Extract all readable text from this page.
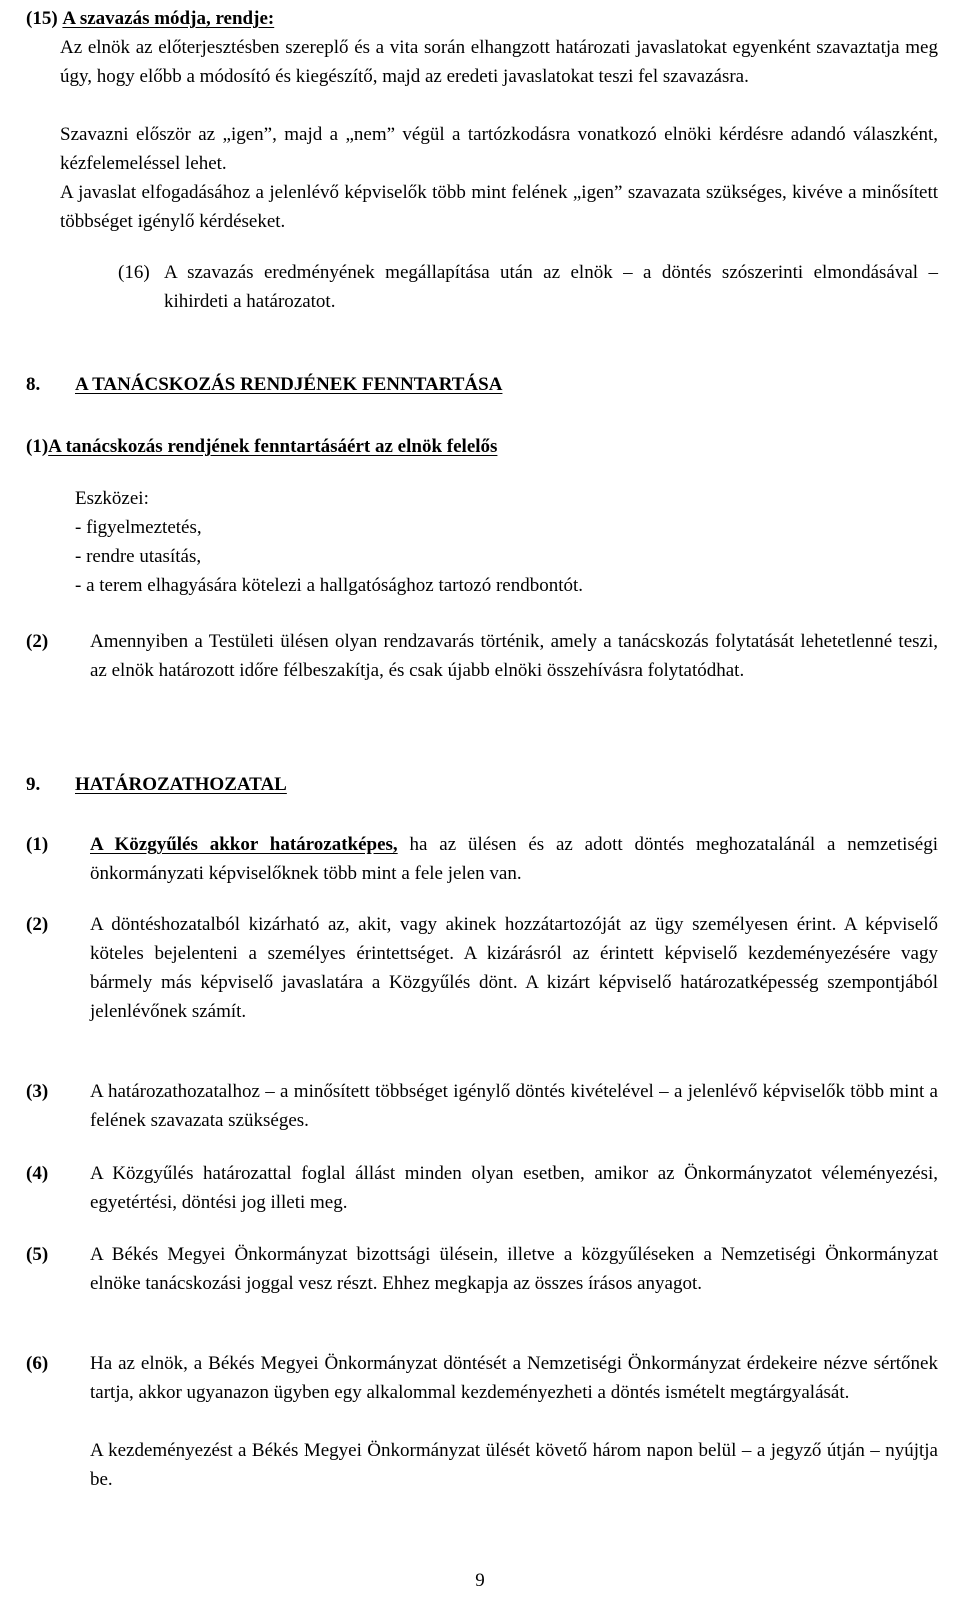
(15) A szavazás módja, rendje:

Az elnök az előterjesztésben szereplő és a vita során elhangzott határozati javaslatokat egyenként szavaztatja meg úgy, hogy előbb a módosító és kiegészítő, majd az eredeti javaslatokat teszi fel szavazásra.

Szavazni először az „igen”, majd a „nem” végül a tartózkodásra vonatkozó elnöki kérdésre adandó válaszként, kézfelemeléssel lehet.

A javaslat elfogadásához a jelenlévő képviselők több mint felének „igen” szavazata szükséges, kivéve a minősített többséget igénylő kérdéseket.

(16) A szavazás eredményének megállapítása után az elnök – a döntés szószerinti elmondásával – kihirdeti a határozatot.

8. A TANÁCSKOZÁS RENDJÉNEK FENNTARTÁSA
(1)A tanácskozás rendjének fenntartásáért az elnök felelős
Eszközei:
- figyelmeztetés,
- rendre utasítás,
- a terem elhagyására kötelezi a hallgatósághoz tartozó rendbontót.
(2) Amennyiben a Testületi ülésen olyan rendzavarás történik, amely a tanácskozás folytatását lehetetlenné teszi, az elnök határozott időre félbeszakítja, és csak újabb elnöki összehívásra folytatódhat.

9. HATÁROZATHOZATAL
(1) A Közgyűlés akkor határozatképes, ha az ülésen és az adott döntés meghozatalánál a nemzetiségi önkormányzati képviselőknek több mint a fele jelen van.

(2) A döntéshozatalból kizárható az, akit, vagy akinek hozzátartozóját az ügy személyesen érint. A képviselő köteles bejelenteni a személyes érintettséget. A kizárásról az érintett képviselő kezdeményezésére vagy bármely más képviselő javaslatára a Közgyűlés dönt. A kizárt képviselő határozatképesség szempontjából jelenlévőnek számít.

(3) A határozathozatalhoz – a minősített többséget igénylő döntés kivételével – a jelenlévő képviselők több mint a felének szavazata szükséges.

(4) A Közgyűlés határozattal foglal állást minden olyan esetben, amikor az Önkormányzatot véleményezési, egyetértési, döntési jog illeti meg.

(5) A Békés Megyei Önkormányzat bizottsági ülésein, illetve a közgyűléseken a Nemzetiségi Önkormányzat elnöke tanácskozási joggal vesz részt. Ehhez megkapja az összes írásos anyagot.

(6) Ha az elnök, a Békés Megyei Önkormányzat döntését a Nemzetiségi Önkormányzat érdekeire nézve sértőnek tartja, akkor ugyanazon ügyben egy alkalommal kezdeményezheti a döntés ismételt megtárgyalását.

A kezdeményezést a Békés Megyei Önkormányzat ülését követő három napon belül – a jegyző útján – nyújtja be.

9
